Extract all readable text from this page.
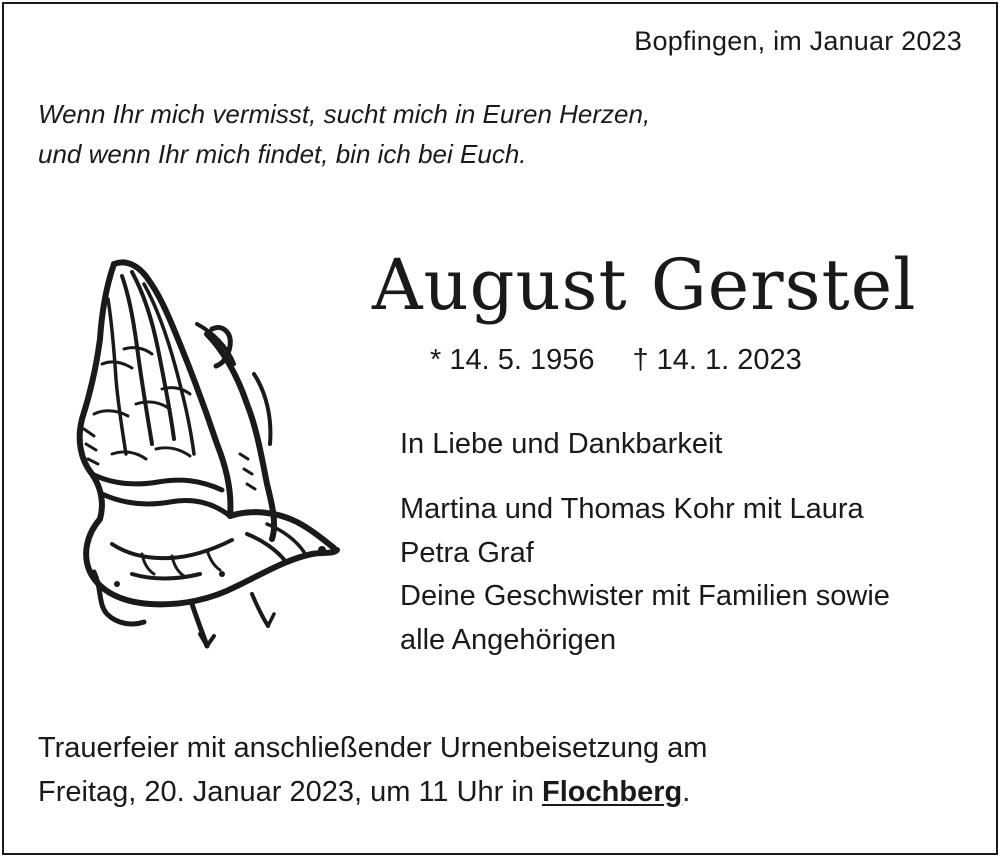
Bopfingen, im Januar 2023
Wenn Ihr mich vermisst, sucht mich in Euren Herzen,
und wenn Ihr mich findet, bin ich bei Euch.
August Gerstel
* 14. 5. 1956 † 14. 1. 2023
In Liebe und Dankbarkeit
Martina und Thomas Kohr mit Laura
Petra Graf
Deine Geschwister mit Familien sowie
alle Angehörigen
Trauerfeier mit anschließender Urnenbeisetzung am
Freitag, 20. Januar 2023, um 11 Uhr in Flochberg.
